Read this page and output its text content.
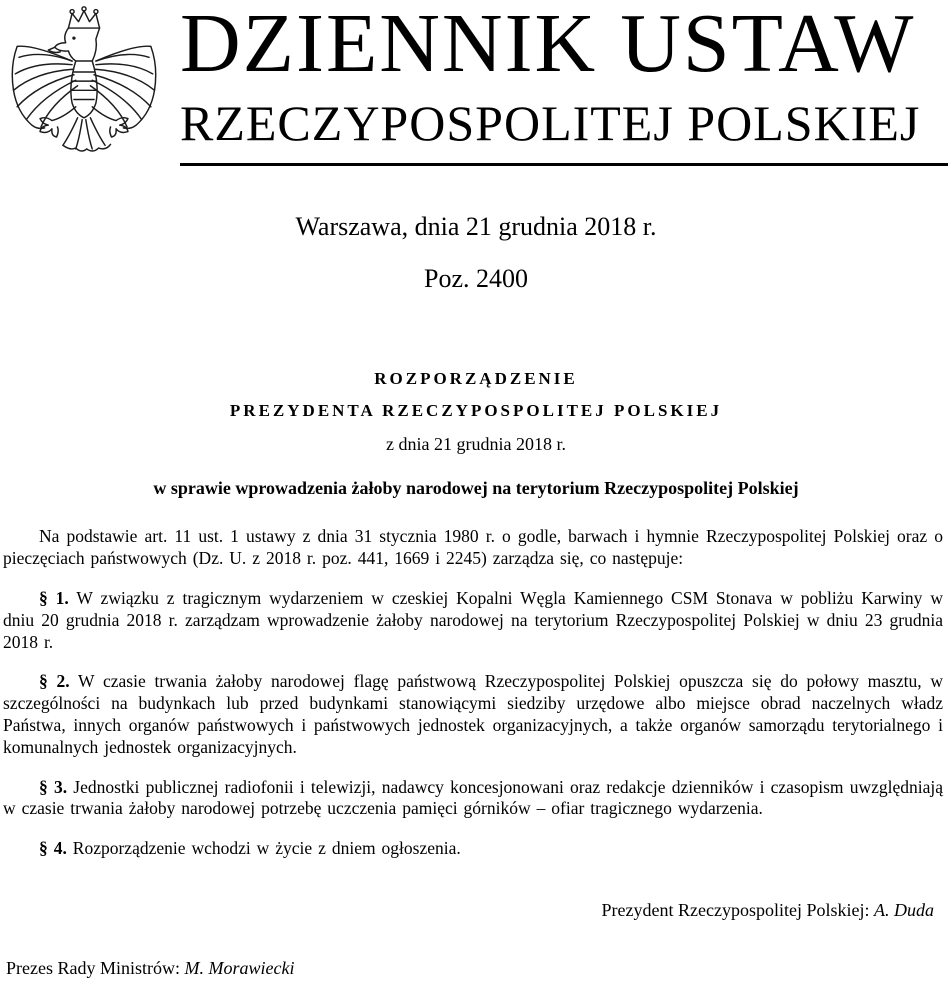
DZIENNIK USTAW
RZECZYPOSPOLITEJ POLSKIEJ

Warszawa, dnia 21 grudnia 2018 r.

Poz. 2400

ROZPORZĄDZENIE

PREZYDENTA RZECZYPOSPOLITEJ POLSKIEJ

z dnia 21 grudnia 2018 r.

w sprawie wprowadzenia żałoby narodowej na terytorium Rzeczypospolitej Polskiej

Na podstawie art. 11 ust. 1 ustawy z dnia 31 stycznia 1980 r. o godle, barwach i hymnie Rzeczypospolitej Polskiej oraz o pieczęciach państwowych (Dz. U. z 2018 r. poz. 441, 1669 i 2245) zarządza się, co następuje:

§ 1. W związku z tragicznym wydarzeniem w czeskiej Kopalni Węgla Kamiennego CSM Stonava w pobliżu Karwiny w dniu 20 grudnia 2018 r. zarządzam wprowadzenie żałoby narodowej na terytorium Rzeczypospolitej Polskiej w dniu 23 grudnia 2018 r.

§ 2. W czasie trwania żałoby narodowej flagę państwową Rzeczypospolitej Polskiej opuszcza się do połowy masztu, w szczególności na budynkach lub przed budynkami stanowiącymi siedziby urzędowe albo miejsce obrad naczelnych władz Państwa, innych organów państwowych i państwowych jednostek organizacyjnych, a także organów samorządu terytorialnego i komunalnych jednostek organizacyjnych.

§ 3. Jednostki publicznej radiofonii i telewizji, nadawcy koncesjonowani oraz redakcje dzienników i czasopism uwzględniają w czasie trwania żałoby narodowej potrzebę uczczenia pamięci górników – ofiar tragicznego wydarzenia.

§ 4. Rozporządzenie wchodzi w życie z dniem ogłoszenia.

Prezydent Rzeczypospolitej Polskiej: A. Duda

Prezes Rady Ministrów: M. Morawiecki
